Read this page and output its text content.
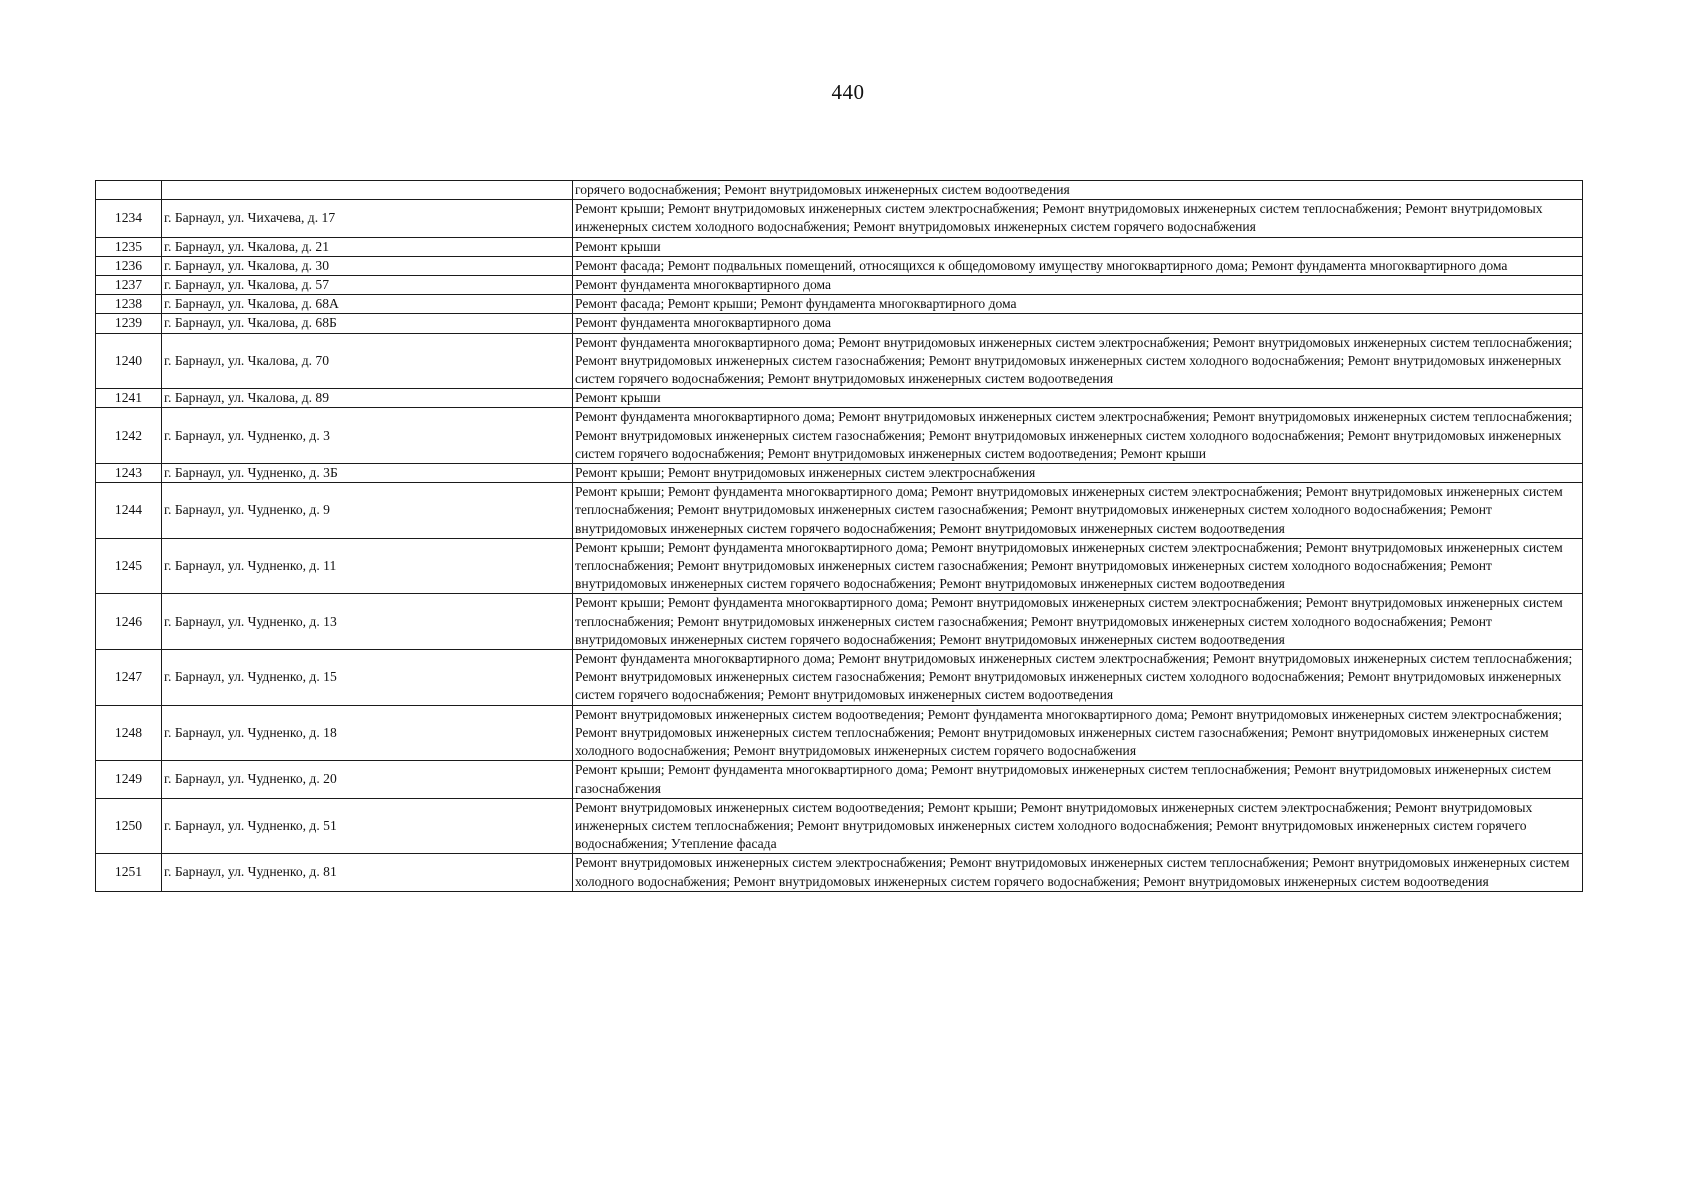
440
		горячего водоснабжения; Ремонт внутридомовых инженерных систем водоотведения
1234	г. Барнаул, ул. Чихачева, д. 17	Ремонт крыши; Ремонт внутридомовых инженерных систем электроснабжения; Ремонт внутридомовых инженерных систем теплоснабжения; Ремонт внутридомовых инженерных систем холодного водоснабжения; Ремонт внутридомовых инженерных систем горячего водоснабжения
1235	г. Барнаул, ул. Чкалова, д. 21	Ремонт крыши
1236	г. Барнаул, ул. Чкалова, д. 30	Ремонт фасада; Ремонт подвальных помещений, относящихся к общедомовому имуществу многоквартирного дома; Ремонт фундамента многоквартирного дома
1237	г. Барнаул, ул. Чкалова, д. 57	Ремонт фундамента многоквартирного дома
1238	г. Барнаул, ул. Чкалова, д. 68А	Ремонт фасада; Ремонт крыши; Ремонт фундамента многоквартирного дома
1239	г. Барнаул, ул. Чкалова, д. 68Б	Ремонт фундамента многоквартирного дома
1240	г. Барнаул, ул. Чкалова, д. 70	Ремонт фундамента многоквартирного дома; Ремонт внутридомовых инженерных систем электроснабжения; Ремонт внутридомовых инженерных систем теплоснабжения; Ремонт внутридомовых инженерных систем газоснабжения; Ремонт внутридомовых инженерных систем холодного водоснабжения; Ремонт внутридомовых инженерных систем горячего водоснабжения; Ремонт внутридомовых инженерных систем водоотведения
1241	г. Барнаул, ул. Чкалова, д. 89	Ремонт крыши
1242	г. Барнаул, ул. Чудненко, д. 3	Ремонт фундамента многоквартирного дома; Ремонт внутридомовых инженерных систем электроснабжения; Ремонт внутридомовых инженерных систем теплоснабжения; Ремонт внутридомовых инженерных систем газоснабжения; Ремонт внутридомовых инженерных систем холодного водоснабжения; Ремонт внутридомовых инженерных систем горячего водоснабжения; Ремонт внутридомовых инженерных систем водоотведения; Ремонт крыши
1243	г. Барнаул, ул. Чудненко, д. 3Б	Ремонт крыши; Ремонт внутридомовых инженерных систем электроснабжения
1244	г. Барнаул, ул. Чудненко, д. 9	Ремонт крыши; Ремонт фундамента многоквартирного дома; Ремонт внутридомовых инженерных систем электроснабжения; Ремонт внутридомовых инженерных систем теплоснабжения; Ремонт внутридомовых инженерных систем газоснабжения; Ремонт внутридомовых инженерных систем холодного водоснабжения; Ремонт внутридомовых инженерных систем горячего водоснабжения; Ремонт внутридомовых инженерных систем водоотведения
1245	г. Барнаул, ул. Чудненко, д. 11	Ремонт крыши; Ремонт фундамента многоквартирного дома; Ремонт внутридомовых инженерных систем электроснабжения; Ремонт внутридомовых инженерных систем теплоснабжения; Ремонт внутридомовых инженерных систем газоснабжения; Ремонт внутридомовых инженерных систем холодного водоснабжения; Ремонт внутридомовых инженерных систем горячего водоснабжения; Ремонт внутридомовых инженерных систем водоотведения
1246	г. Барнаул, ул. Чудненко, д. 13	Ремонт крыши; Ремонт фундамента многоквартирного дома; Ремонт внутридомовых инженерных систем электроснабжения; Ремонт внутридомовых инженерных систем теплоснабжения; Ремонт внутридомовых инженерных систем газоснабжения; Ремонт внутридомовых инженерных систем холодного водоснабжения; Ремонт внутридомовых инженерных систем горячего водоснабжения; Ремонт внутридомовых инженерных систем водоотведения
1247	г. Барнаул, ул. Чудненко, д. 15	Ремонт фундамента многоквартирного дома; Ремонт внутридомовых инженерных систем электроснабжения; Ремонт внутридомовых инженерных систем теплоснабжения; Ремонт внутридомовых инженерных систем газоснабжения; Ремонт внутридомовых инженерных систем холодного водоснабжения; Ремонт внутридомовых инженерных систем горячего водоснабжения; Ремонт внутридомовых инженерных систем водоотведения
1248	г. Барнаул, ул. Чудненко, д. 18	Ремонт внутридомовых инженерных систем водоотведения; Ремонт фундамента многоквартирного дома; Ремонт внутридомовых инженерных систем электроснабжения; Ремонт внутридомовых инженерных систем теплоснабжения; Ремонт внутридомовых инженерных систем газоснабжения; Ремонт внутридомовых инженерных систем холодного водоснабжения; Ремонт внутридомовых инженерных систем горячего водоснабжения
1249	г. Барнаул, ул. Чудненко, д. 20	Ремонт крыши; Ремонт фундамента многоквартирного дома; Ремонт внутридомовых инженерных систем теплоснабжения; Ремонт внутридомовых инженерных систем газоснабжения
1250	г. Барнаул, ул. Чудненко, д. 51	Ремонт внутридомовых инженерных систем водоотведения; Ремонт крыши; Ремонт внутридомовых инженерных систем электроснабжения; Ремонт внутридомовых инженерных систем теплоснабжения; Ремонт внутридомовых инженерных систем холодного водоснабжения; Ремонт внутридомовых инженерных систем горячего водоснабжения; Утепление фасада
1251	г. Барнаул, ул. Чудненко, д. 81	Ремонт внутридомовых инженерных систем электроснабжения; Ремонт внутридомовых инженерных систем теплоснабжения; Ремонт внутридомовых инженерных систем холодного водоснабжения; Ремонт внутридомовых инженерных систем горячего водоснабжения; Ремонт внутридомовых инженерных систем водоотведения
